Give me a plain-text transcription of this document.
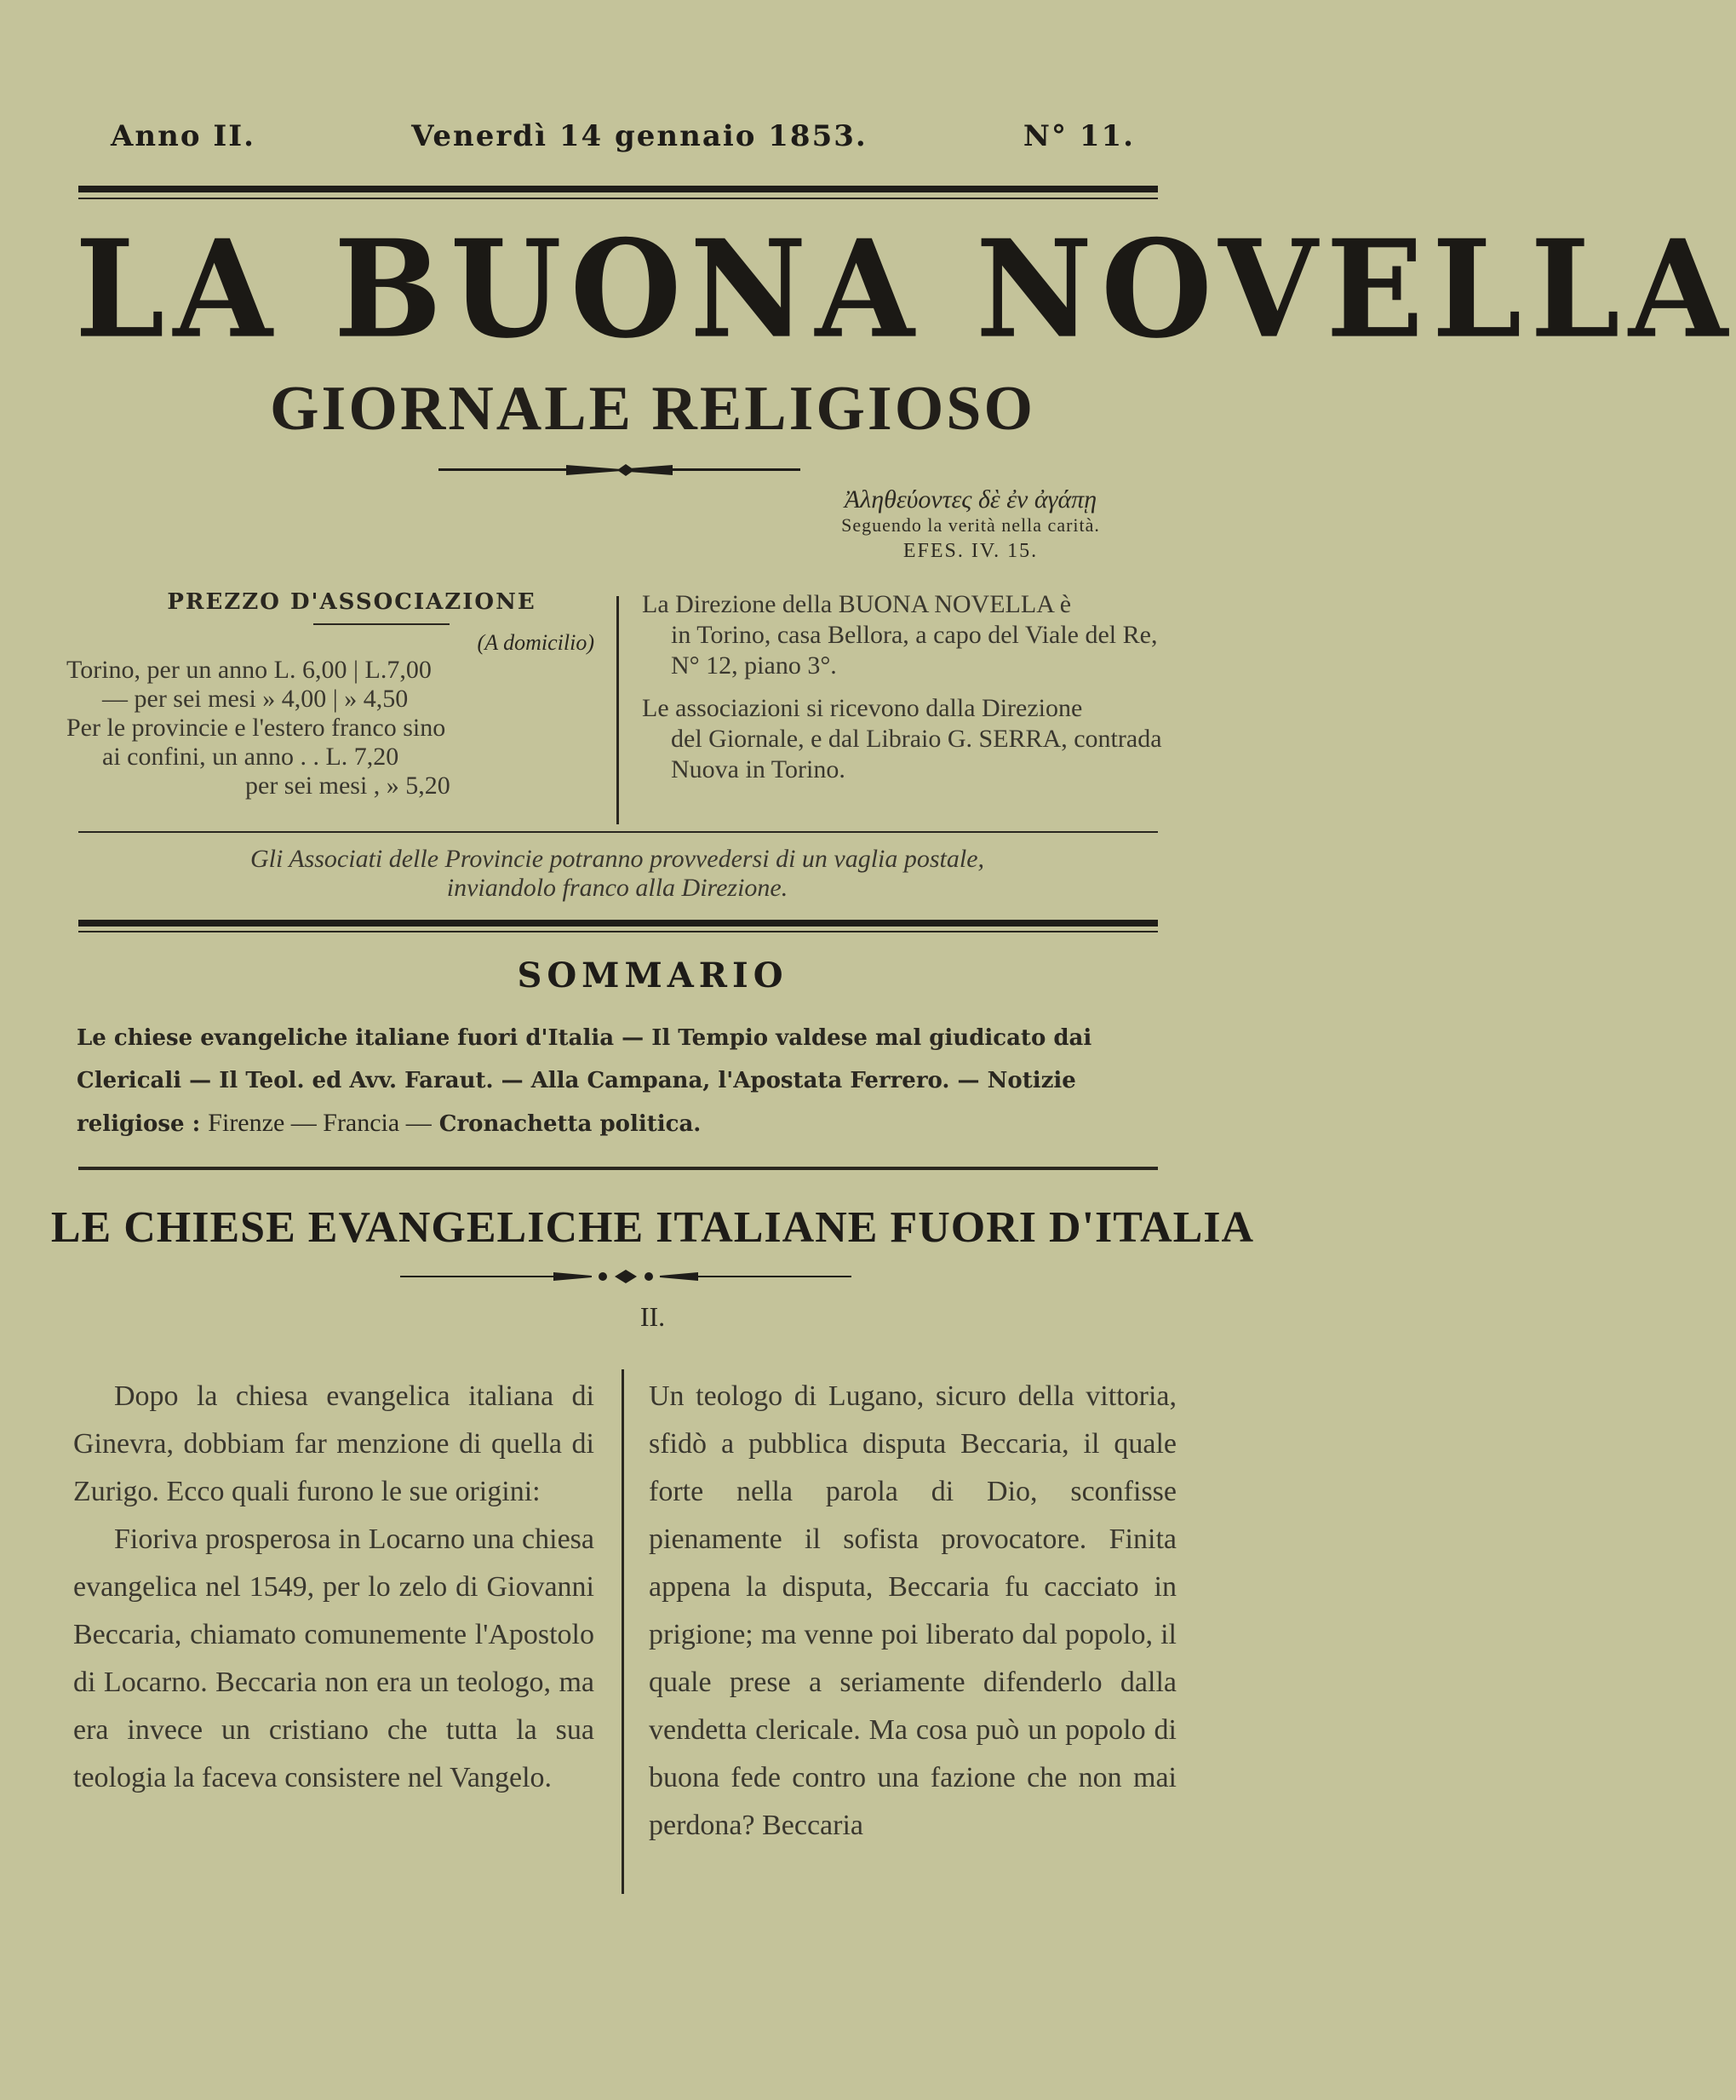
Anno II.	Venerdì 14 gennaio 1853.	N° 11.
LA BUONA NOVELLA
GIORNALE RELIGIOSO
Ἀληθεύοντες δὲ ἐν ἀγάπῃ
Seguendo la verità nella carità.
EFES. IV. 15.
PREZZO D'ASSOCIAZIONE
(A domicilio)
Torino, per un anno L. 6,00 | L.7,00
— per sei mesi » 4,00 | » 4,50
Per le provincie e l'estero franco sino
ai confini, un anno . . L. 7,20
per sei mesi , » 5,20

La Direzione della BUONA NOVELLA è

in Torino, casa Bellora, a capo del Viale del Re, N° 12, piano 3°.

Le associazioni si ricevono dalla Direzione

del Giornale, e dal Libraio G. SERRA, contrada Nuova in Torino.

Gli Associati delle Provincie potranno provvedersi di un vaglia postale,
inviandolo franco alla Direzione.
SOMMARIO
Le chiese evangeliche italiane fuori d'Italia — Il Tempio valdese mal giudicato dai Clericali — Il Teol. ed Avv. Faraut. — Alla Campana, l'Apostata Ferrero. — Notizie religiose : Firenze — Francia — Cronachetta politica.
LE CHIESE EVANGELICHE ITALIANE FUORI D'ITALIA
II.

Dopo la chiesa evangelica italiana di Ginevra, dobbiam far menzione di quella di Zurigo. Ecco quali furono le sue origini:

Fioriva prosperosa in Locarno una chiesa evangelica nel 1549, per lo zelo di Giovanni Beccaria, chiamato comunemente l'Apostolo di Locarno. Beccaria non era un teologo, ma era invece un cristiano che tutta la sua teologia la faceva consistere nel Vangelo.

Un teologo di Lugano, sicuro della vittoria, sfidò a pubblica disputa Beccaria, il quale forte nella parola di Dio, sconfisse pienamente il sofista provocatore. Finita appena la disputa, Beccaria fu cacciato in prigione; ma venne poi liberato dal popolo, il quale prese a seriamente difenderlo dalla vendetta clericale. Ma cosa può un popolo di buona fede contro una fazione che non mai perdona? Beccaria
